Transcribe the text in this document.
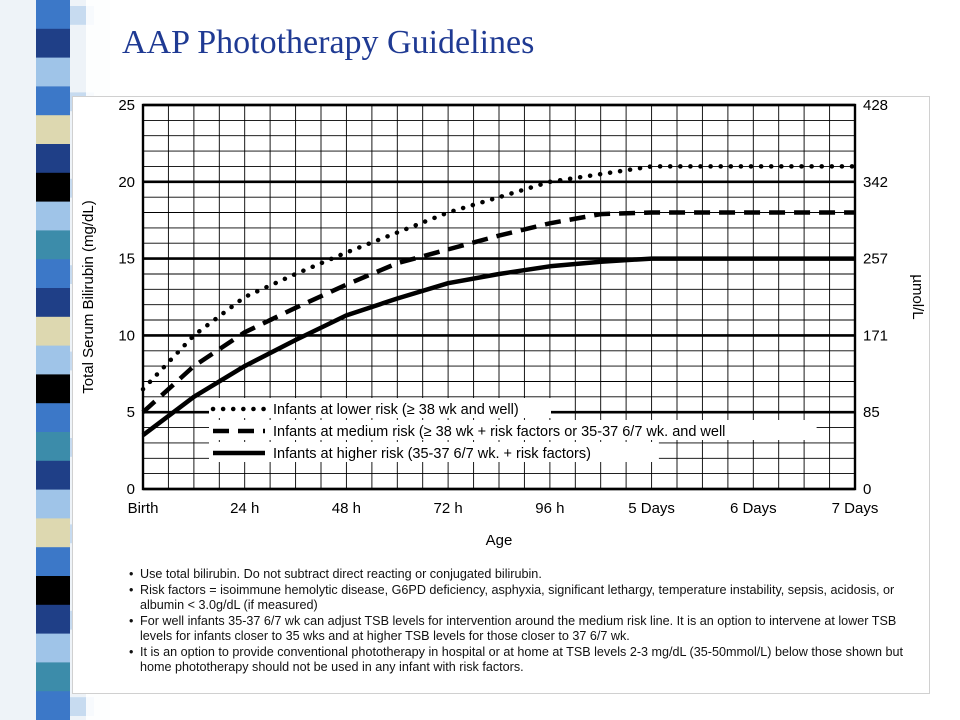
AAP Phototherapy Guidelines
0
5
10
15
20
25
0
85
171
257
342
428
Birth	24 h	48 h	72 h	96 h	5 Days	6 Days	7 Days
Age
Total Serum Bilirubin (mg/dL)	µmol/L
Infants at lower risk (≥ 38 wk and well)
Infants at medium risk (≥ 38 wk + risk factors or 35-37 6/7 wk. and well
Infants at higher risk (35-37 6/7 wk. + risk factors)
• Use total bilirubin. Do not subtract direct reacting or conjugated bilirubin.
• Risk factors = isoimmune hemolytic disease, G6PD deficiency, asphyxia, significant lethargy, temperature instability, sepsis, acidosis, or albumin < 3.0g/dL (if measured)
• For well infants 35-37 6/7 wk can adjust TSB levels for intervention around the medium risk line. It is an option to intervene at lower TSB levels for infants closer to 35 wks and at higher TSB levels for those closer to 37 6/7 wk.
• It is an option to provide conventional phototherapy in hospital or at home at TSB levels 2-3 mg/dL (35-50mmol/L) below those shown but home phototherapy should not be used in any infant with risk factors.
